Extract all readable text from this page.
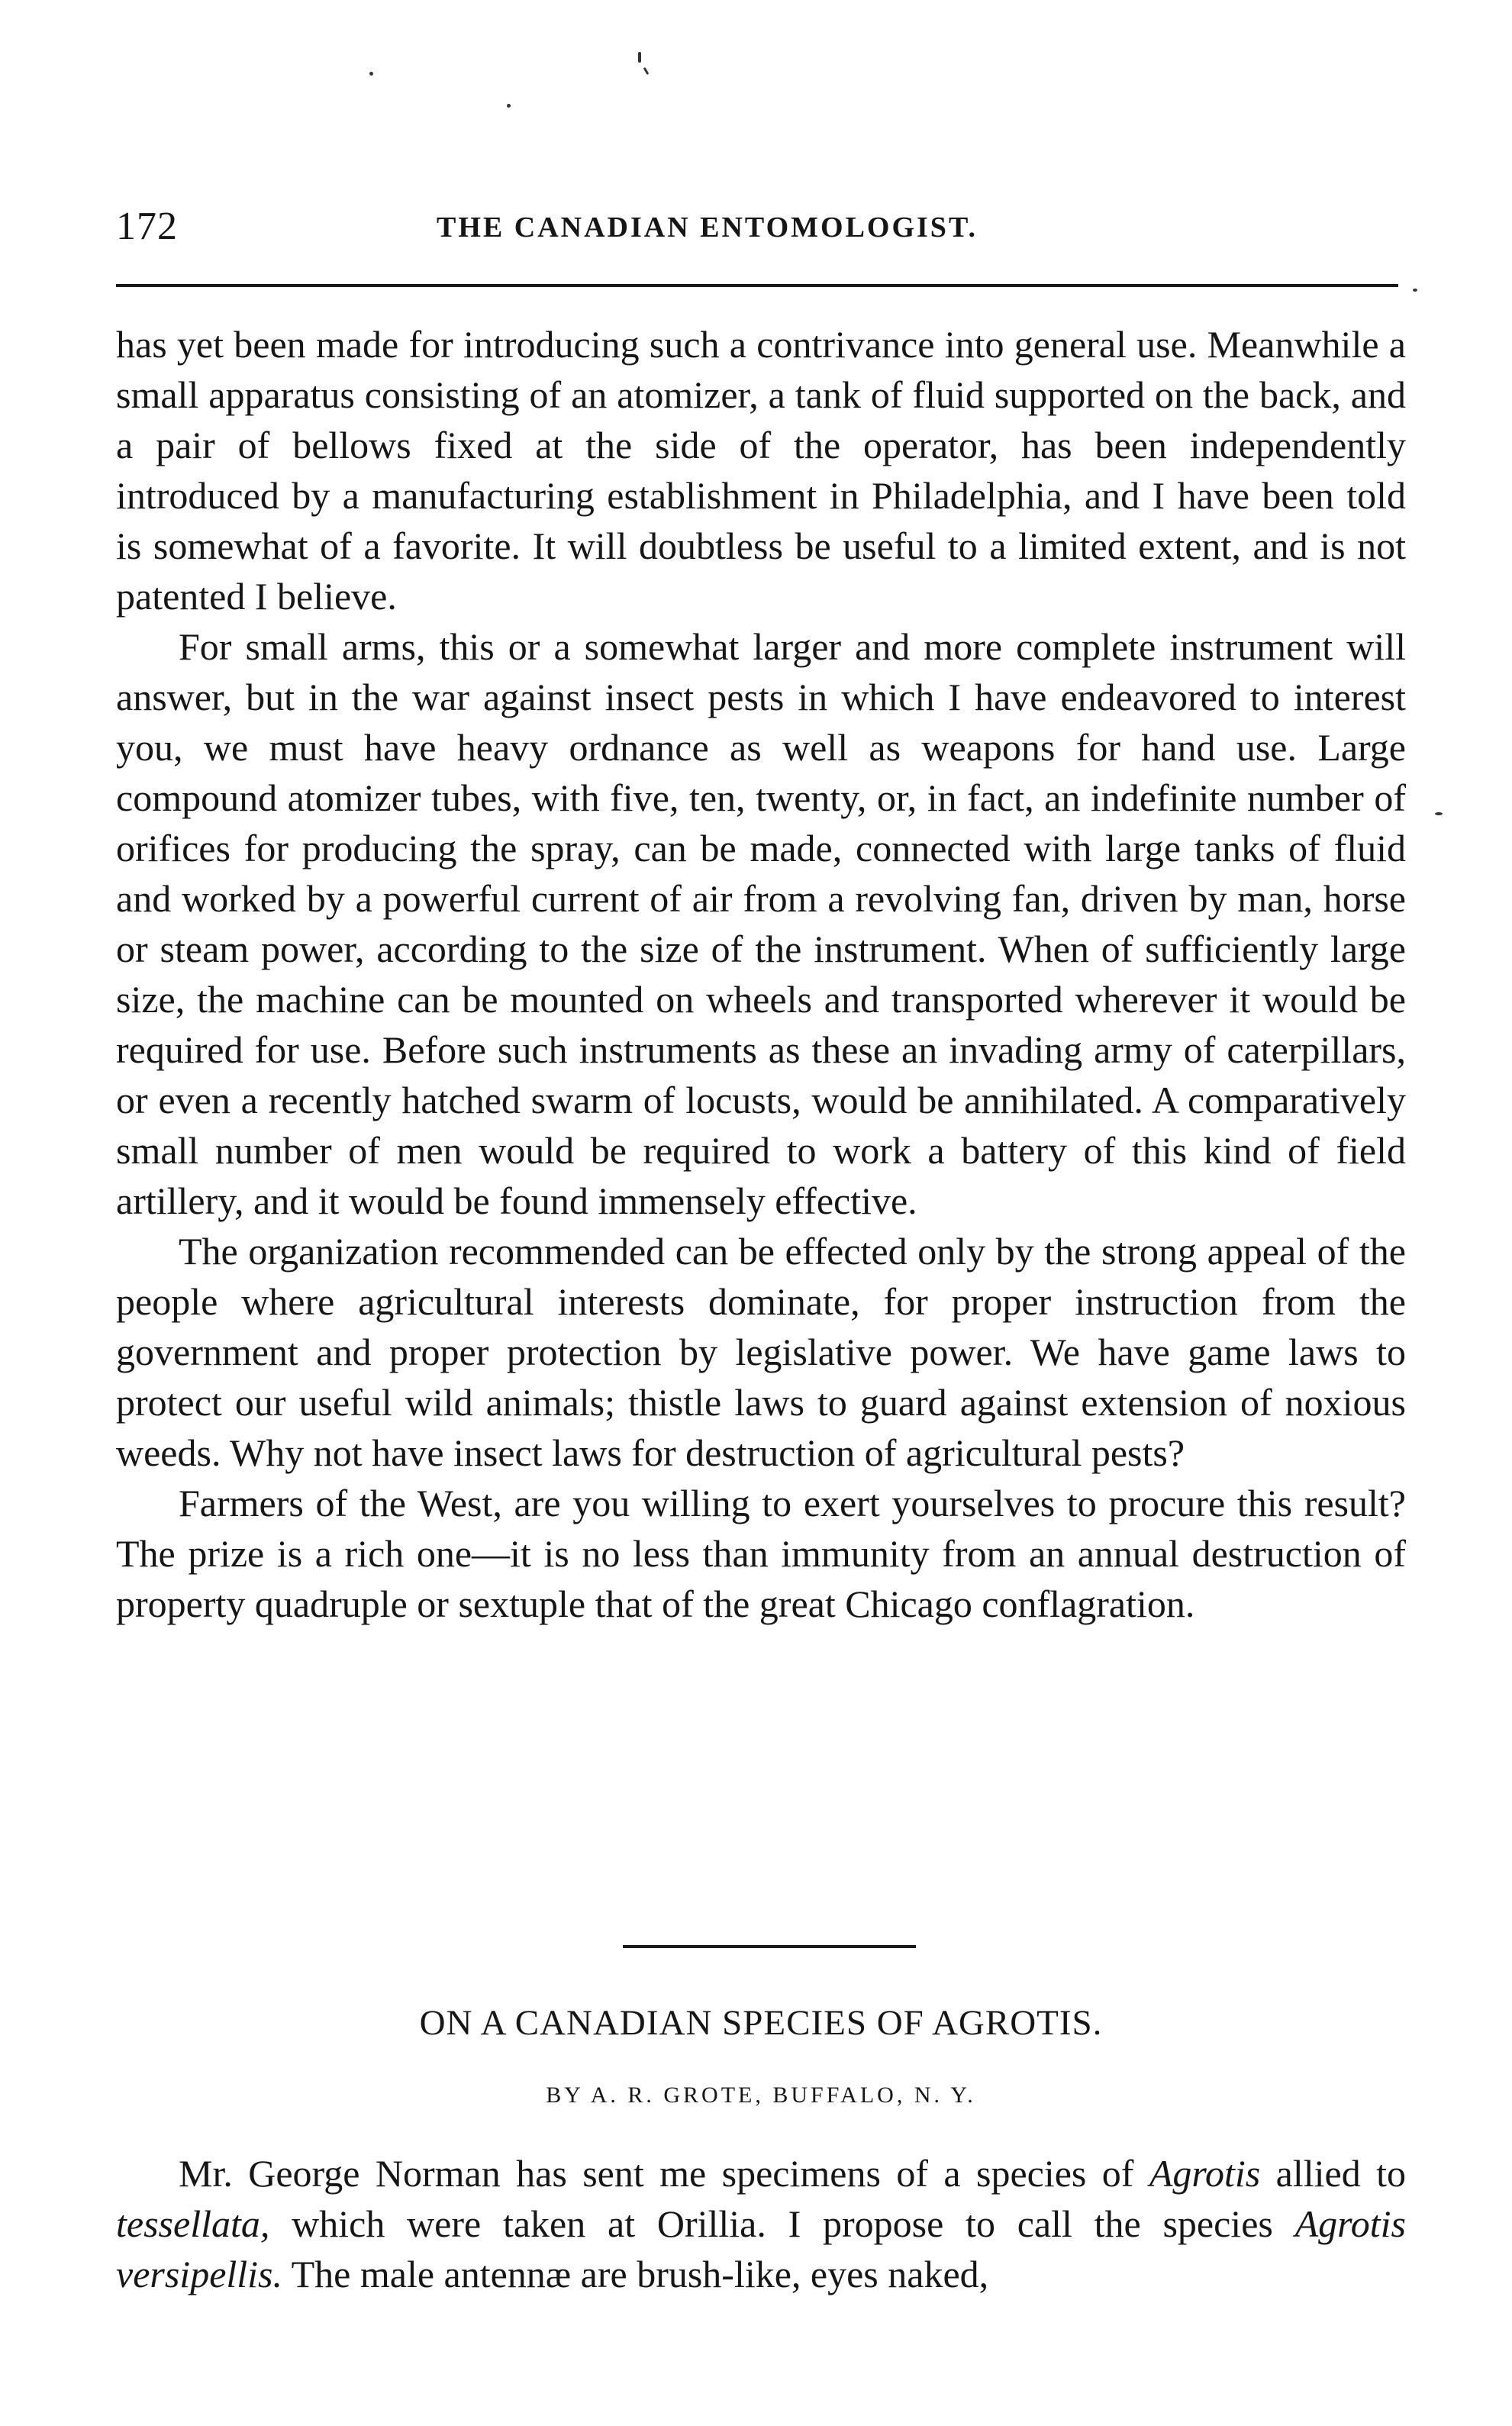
172	THE CANADIAN ENTOMOLOGIST.

has yet been made for introducing such a contrivance into general use. Meanwhile a small apparatus consisting of an atomizer, a tank of fluid supported on the back, and a pair of bellows fixed at the side of the operator, has been independently introduced by a manufacturing establishment in Philadelphia, and I have been told is somewhat of a favorite. It will doubtless be useful to a limited extent, and is not patented I believe.

For small arms, this or a somewhat larger and more complete instrument will answer, but in the war against insect pests in which I have endeavored to interest you, we must have heavy ordnance as well as weapons for hand use. Large compound atomizer tubes, with five, ten, twenty, or, in fact, an indefinite number of orifices for producing the spray, can be made, connected with large tanks of fluid and worked by a powerful current of air from a revolving fan, driven by man, horse or steam power, according to the size of the instrument. When of sufficiently large size, the machine can be mounted on wheels and transported wherever it would be required for use. Before such instruments as these an invading army of caterpillars, or even a recently hatched swarm of locusts, would be annihilated. A comparatively small number of men would be required to work a battery of this kind of field artillery, and it would be found immensely effective.

The organization recommended can be effected only by the strong appeal of the people where agricultural interests dominate, for proper instruction from the government and proper protection by legislative power. We have game laws to protect our useful wild animals; thistle laws to guard against extension of noxious weeds. Why not have insect laws for destruction of agricultural pests?

Farmers of the West, are you willing to exert yourselves to procure this result? The prize is a rich one—it is no less than immunity from an annual destruction of property quadruple or sextuple that of the great Chicago conflagration.

ON A CANADIAN SPECIES OF AGROTIS.
BY A. R. GROTE, BUFFALO, N. Y.

Mr. George Norman has sent me specimens of a species of Agrotis allied to tessellata, which were taken at Orillia. I propose to call the species Agrotis versipellis. The male antennæ are brush-like, eyes naked,
